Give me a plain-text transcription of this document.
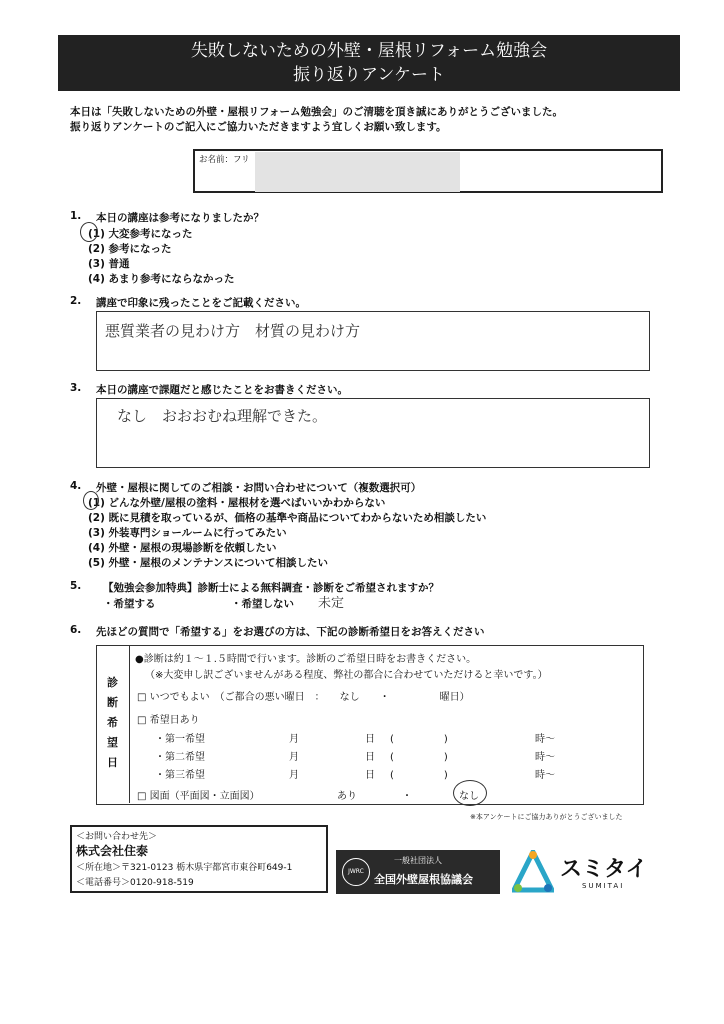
失敗しないための外壁・屋根リフォーム勉強会
振り返りアンケート
本日は「失敗しないための外壁・屋根リフォーム勉強会」のご清聴を頂き誠にありがとうございました。
振り返りアンケートのご記入にご協力いただきますよう宜しくお願い致します。
お名前：フリ
1. 本日の講座は参考になりましたか？
(1) 大変参考になった
(2) 参考になった
(3) 普通
(4) あまり参考にならなかった
2. 講座で印象に残ったことをご記載ください。
悪質業者の見わけ方　材質の見わけ方
3. 本日の講座で課題だと感じたことをお書きください。
なし　おおおむね理解できた。
4. 外壁・屋根に関してのご相談・お問い合わせについて（複数選択可）
(1) どんな外壁/屋根の塗料・屋根材を選べばいいかわからない
(2) 既に見積を取っているが、価格の基準や商品についてわからないため相談したい
(3) 外装専門ショールームに行ってみたい
(4) 外壁・屋根の現場診断を依頼したい
(5) 外壁・屋根のメンテナンスについて相談したい
5. 【勉強会参加特典】診断士による無料調査・診断をご希望されますか？
・希望する	・希望しない 未定
6. 先ほどの質問で「希望する」をお選びの方は、下記の診断希望日をお答えください
診
断
希
望
日
●診断は約１～１.５時間で行います。診断のご希望日時をお書きください。
（※大変申し訳ございませんがある程度、弊社の都合に合わせていただけると幸いです。）
□ いつでもよい　（ご都合の悪い曜日　：　　なし　　・　　　　　曜日）
□ 希望日あり
・第一希望	月	日 (　　　　　)	時～
・第二希望	月	日 (　　　　　)	時～
・第三希望	月	日 (　　　　　)	時～
□ 図面（平面図・立面図）	あり	・	なし
※本アンケートにご協力ありがとうございました
＜お問い合わせ先＞
株式会社住泰
＜所在地＞〒321-0123 栃木県宇都宮市東谷町649-1
＜電話番号＞0120-918-519
JWRC
一般社団法人
全国外壁屋根協議会	スミタイ
SUMITAI
